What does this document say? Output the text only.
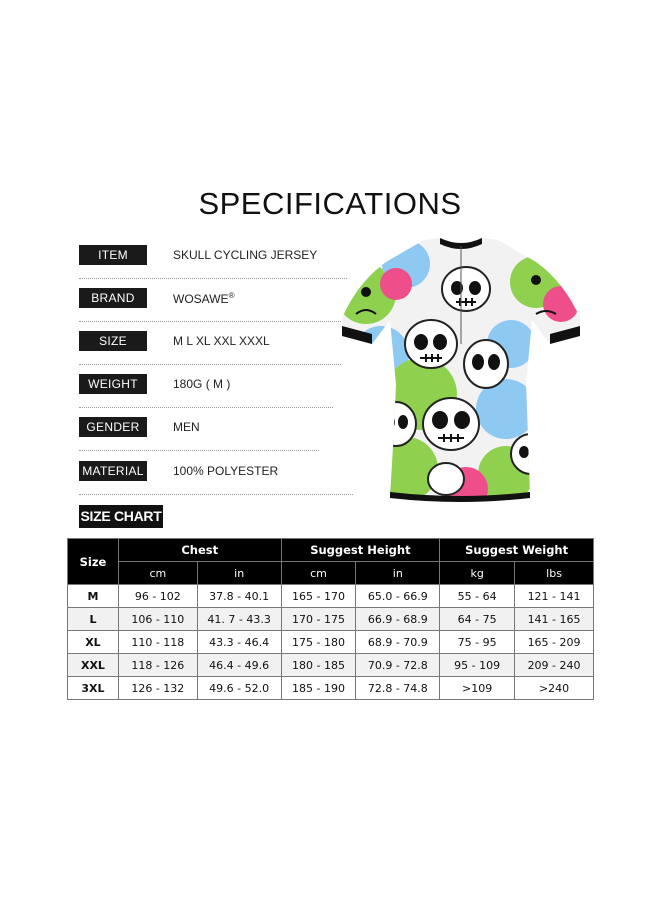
SPECIFICATIONS
ITEM	SKULL CYCLING JERSEY
BRAND	WOSAWE®
SIZE	M L XL XXL XXXL
WEIGHT	180G ( M )
GENDER	MEN
MATERIAL 100% POLYESTER
SIZE CHART
Size	Chest		Suggest Height		Suggest Weight	
	cm	in	cm	in	kg	lbs
M	96 - 102	37.8 - 40.1	165 - 170	65.0 - 66.9	55 - 64	121 - 141
L	106 - 110	41. 7 - 43.3	170 - 175	66.9 - 68.9	64 - 75	141 - 165
XL	110 - 118	43.3 - 46.4	175 - 180	68.9 - 70.9	75 - 95	165 - 209
XXL	118 - 126	46.4 - 49.6	180 - 185	70.9 - 72.8	95 - 109	209 - 240
3XL	126 - 132	49.6 - 52.0	185 - 190	72.8 - 74.8	>109	>240
